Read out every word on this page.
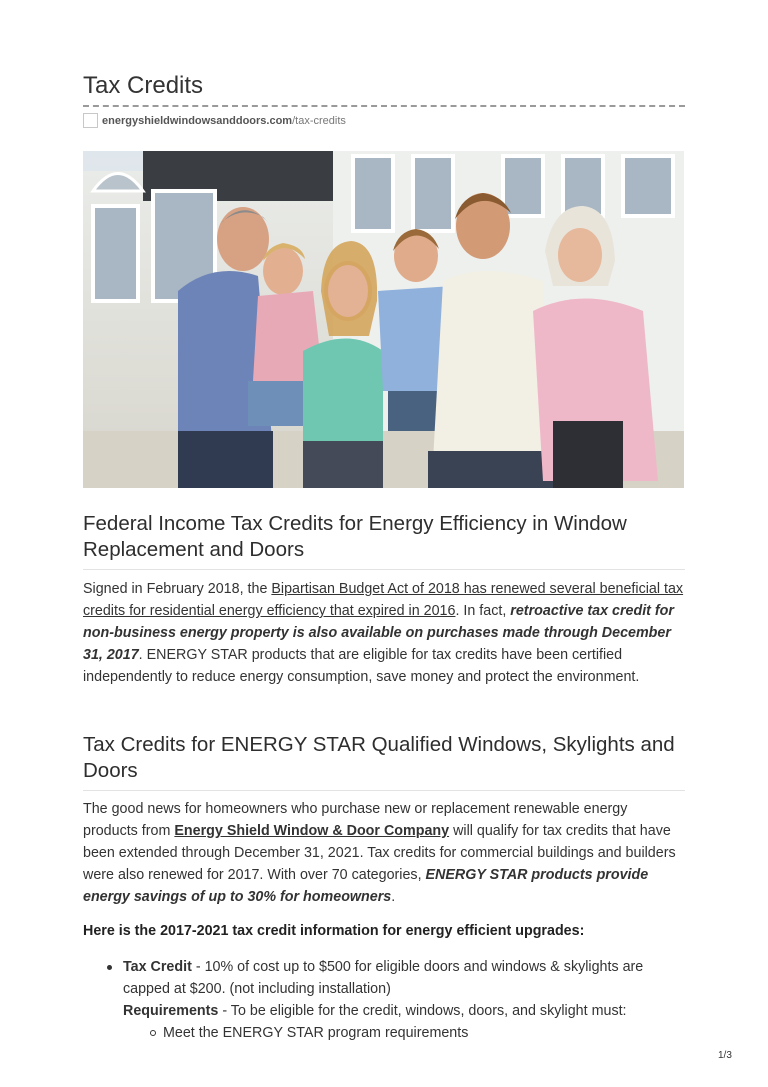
Tax Credits
energyshieldwindowsanddoors.com /tax-credits
Federal Income Tax Credits for Energy Efficiency in Window Replacement and Doors

Signed in February 2018, the Bipartisan Budget Act of 2018 has renewed several beneficial tax credits for residential energy efficiency that expired in 2016. In fact, retroactive tax credit for non-business energy property is also available on purchases made through December 31, 2017. ENERGY STAR products that are eligible for tax credits have been certified independently to reduce energy consumption, save money and protect the environment.

Tax Credits for ENERGY STAR Qualified Windows, Skylights and Doors

The good news for homeowners who purchase new or replacement renewable energy products from Energy Shield Window & Door Company will qualify for tax credits that have been extended through December 31, 2021. Tax credits for commercial buildings and builders were also renewed for 2017. With over 70 categories, ENERGY STAR products provide energy savings of up to 30% for homeowners.

Here is the 2017-2021 tax credit information for energy efficient upgrades:

Tax Credit - 10% of cost up to $500 for eligible doors and windows & skylights are capped at $200. (not including installation)
Requirements - To be eligible for the credit, windows, doors, and skylight must:
Meet the ENERGY STAR program requirements
1/3
